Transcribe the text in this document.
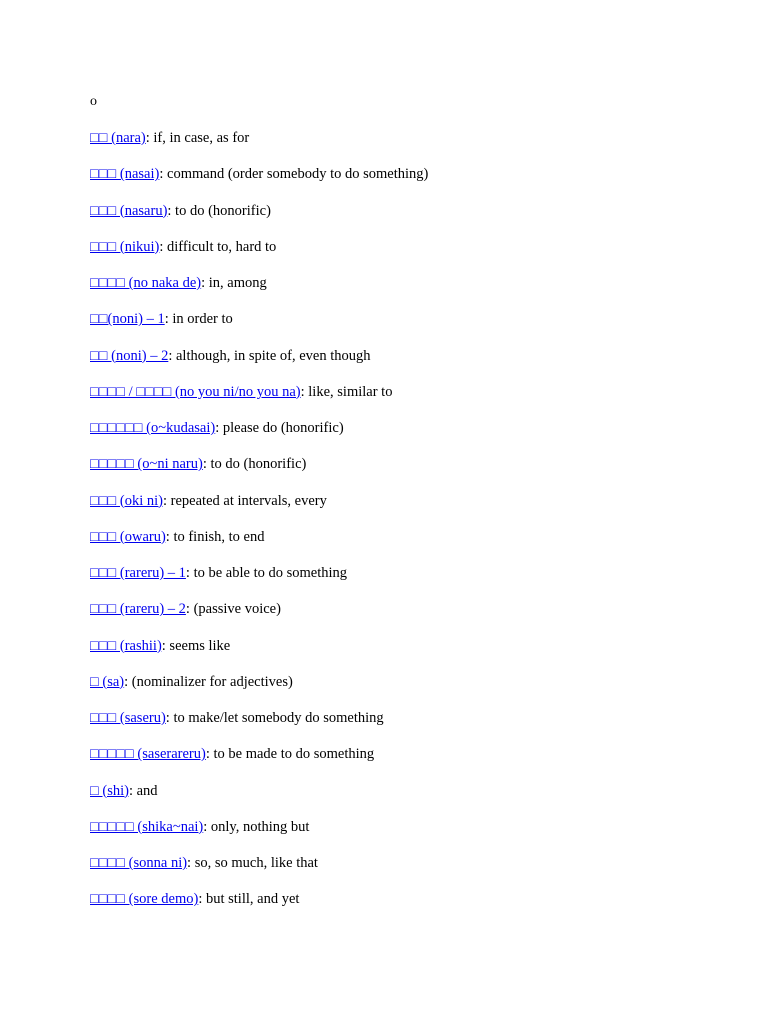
o
□□ (nara): if, in case, as for
□□□ (nasai): command (order somebody to do something)
□□□ (nasaru): to do (honorific)
□□□ (nikui): difficult to, hard to
□□□□ (no naka de): in, among
□□(noni) – 1: in order to
□□ (noni) – 2: although, in spite of, even though
□□□□ / □□□□ (no you ni/no you na): like, similar to
□□□□□□ (o~kudasai): please do (honorific)
□□□□□ (o~ni naru): to do (honorific)
□□□ (oki ni): repeated at intervals, every
□□□ (owaru): to finish, to end
□□□ (rareru) – 1: to be able to do something
□□□ (rareru) – 2: (passive voice)
□□□ (rashii): seems like
□ (sa): (nominalizer for adjectives)
□□□ (saseru): to make/let somebody do something
□□□□□ (saserareru): to be made to do something
□ (shi): and
□□□□□ (shika~nai): only, nothing but
□□□□ (sonna ni): so, so much, like that
□□□□ (sore demo): but still, and yet
